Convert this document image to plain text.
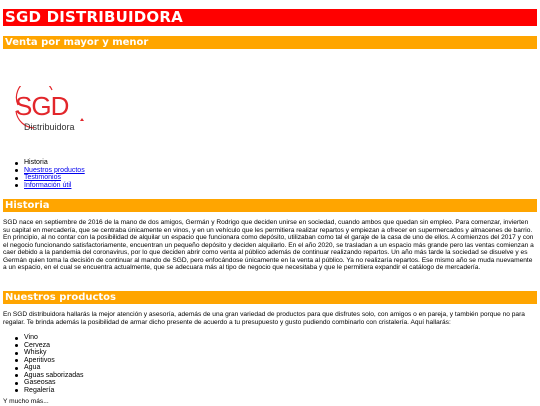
SGD DISTRIBUIDORA
Venta por mayor y menor
SGD
Distribuidora
Historia
Nuestros productos
Testimonios
Información útil
Historia

SGD nace en septiembre de 2016 de la mano de dos amigos, Germán y Rodrigo que deciden unirse en sociedad, cuando ambos que quedan sin empleo. Para comenzar, invierten su capital en mercadería, que se centraba únicamente en vinos, y en un vehículo que les permitiera realizar repartos y empiezan a ofrecer en supermercados y almacenes de barrio. En principio, al no contar con la posibilidad de alquilar un espacio que funcionara como depósito, utilizaban como tal el garaje de la casa de uno de ellos. A comienzos del 2017 y con el negocio funcionando satisfactoriamente, encuentran un pequeño depósito y deciden alquilarlo. En el año 2020, se trasladan a un espacio más grande pero las ventas comienzan a caer debido a la pandemia del coronavirus, por lo que deciden abrir como venta al público además de continuar realizando repartos. Un año más tarde la sociedad se disuelve y es Germán quien toma la decisión de continuar al mando de SGD, pero enfocándose únicamente en la venta al público. Ya no realizaría repartos. Ese mismo año se muda nuevamente a un espacio, en el cual se encuentra actualmente, que se adecuara más al tipo de negocio que necesitaba y que le permitiera expandir el catálogo de mercadería.

Nuestros productos

En SGD distribuidora hallarás la mejor atención y asesoría, además de una gran variedad de productos para que disfrutes solo, con amigos o en pareja, y también porque no para regalar. Te brinda además la posibilidad de armar dicho presente de acuerdo a tu presupuesto y gusto pudiendo combinarlo con cristalería. Aquí hallarás:

Vino
Cerveza
Whisky
Aperitivos
Agua
Aguas saborizadas
Gaseosas
Regalería
Y mucho más...
